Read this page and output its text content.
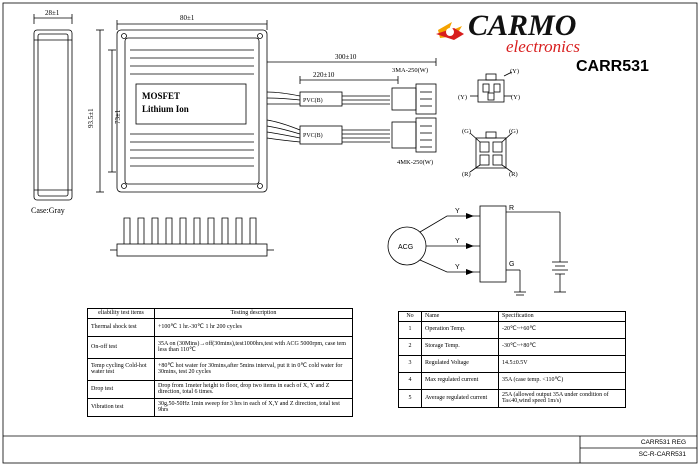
28±1
80±1
93.5±1	73±1
300±10
220±10
PVC(B)
PVC(B)
3MA-250(W)
4MK-250(W)
(Y)
(Y)	(Y)
(G)	(G)
(R)	(R)
ACG
Y
Y
Y
R
G
MOSFET
Lithium Ion
CARMO
electronics
CARR531
Case:Gray
eliability test items	Testing description
Thermal shock test	+100℃ 1 hr.-30℃ 1 hr 200 cycles
On-off test	35A on (30Mins)→off(30mins),test1000hrs,test with ACG 5000rpm, case tem less than 110℃
Temp cycling Cold-hot water test	+80℃ hot water for 30mins,after 5mins interval, put it in 0℃ cold water for 30mins, test 20 cycles
Drop test	Drop from 1meter height to floor, drop two items in each of X, Y and Z direction, total 6 times.
Vibration test	30g,50-50Hz 1min sweep for 3 hrs in each of X,Y and Z direction, total test 9hrs
No	Name	Specification
1	Operation Temp.	-20℃~+60℃
2	Storage Temp.	-30℃~+80℃
3	Regulated Voltage	14.5±0.5V
4	Max regulated current	35A (case temp. <110℃)
5	Average regulated current	25A (allowed output 35A under condition of Ta≤40,wind speed 1m/s)
CARR531 REG
SC-R-CARR531
